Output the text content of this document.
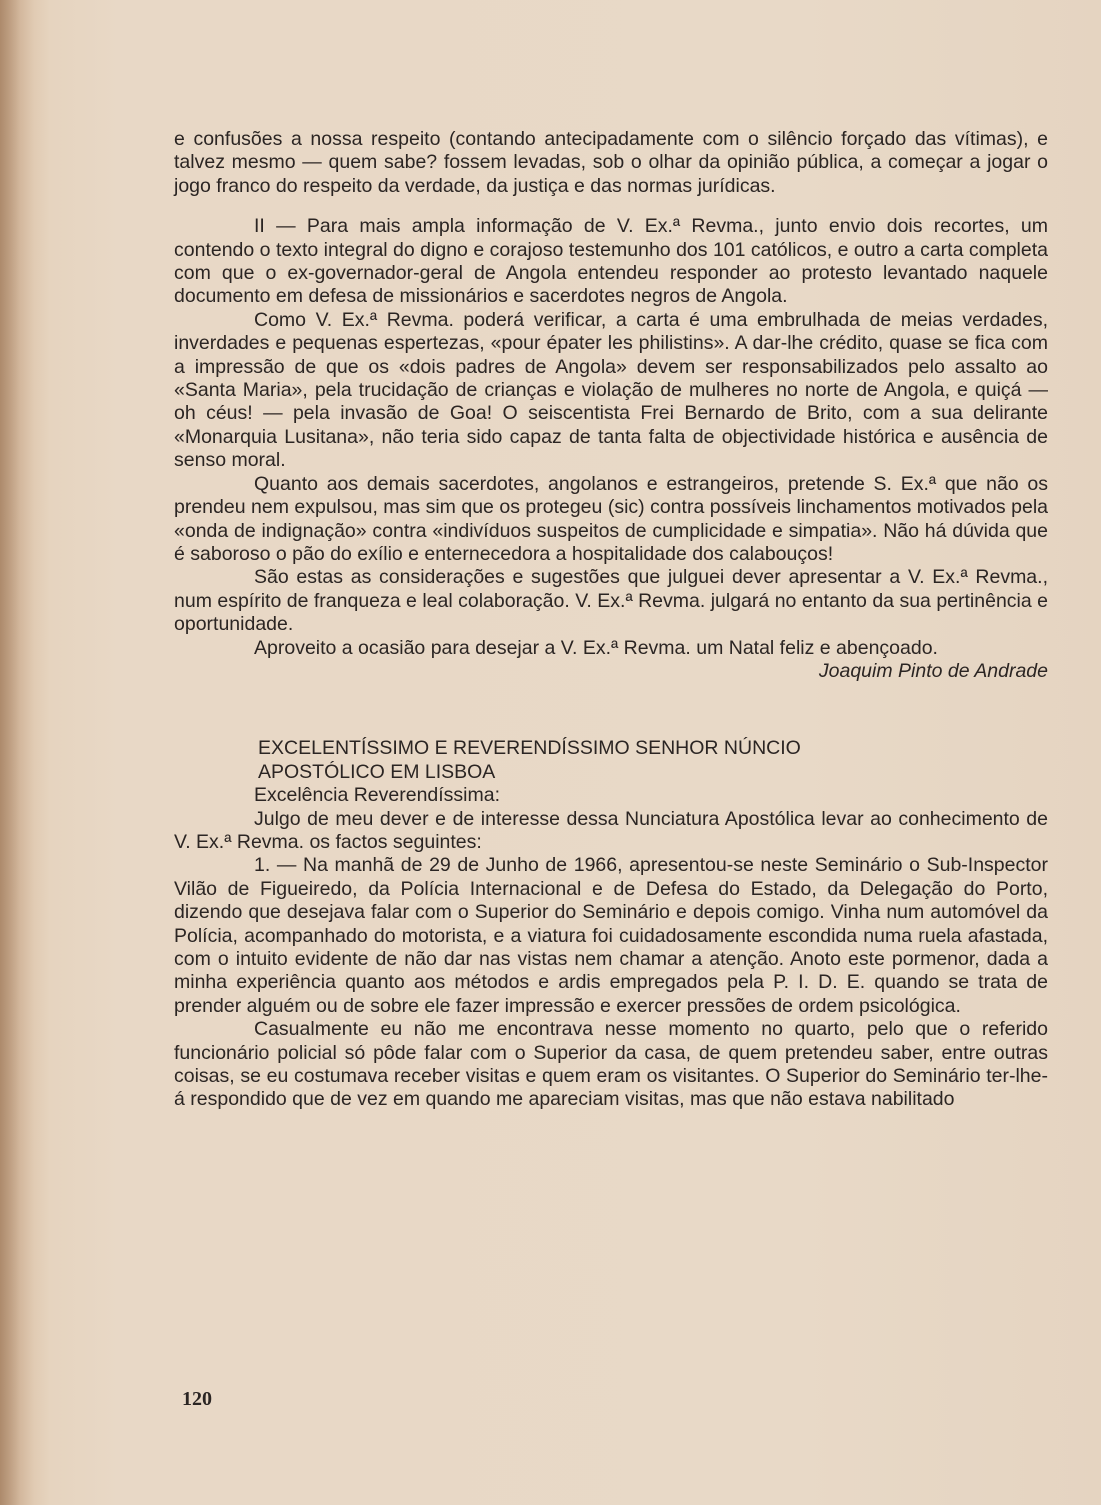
e confusões a nossa respeito (contando antecipadamente com o silêncio forçado das vítimas), e talvez mesmo — quem sabe? fossem levadas, sob o olhar da opinião pública, a começar a jogar o jogo franco do respeito da verdade, da justiça e das normas jurídicas.

II — Para mais ampla informação de V. Ex.ª Revma., junto envio dois recortes, um contendo o texto integral do digno e corajoso testemunho dos 101 católicos, e outro a carta completa com que o ex-governador-geral de Angola entendeu responder ao protesto levantado naquele documento em defesa de missionários e sacerdotes negros de Angola.

Como V. Ex.ª Revma. poderá verificar, a carta é uma embrulhada de meias verdades, inverdades e pequenas espertezas, «pour épater les philistins». A dar-lhe crédito, quase se fica com a impressão de que os «dois padres de Angola» devem ser responsabilizados pelo assalto ao «Santa Maria», pela trucidação de crianças e violação de mulheres no norte de Angola, e quiçá — oh céus! — pela invasão de Goa! O seiscentista Frei Bernardo de Brito, com a sua delirante «Monarquia Lusitana», não teria sido capaz de tanta falta de objectividade histórica e ausência de senso moral.

Quanto aos demais sacerdotes, angolanos e estrangeiros, pretende S. Ex.ª que não os prendeu nem expulsou, mas sim que os protegeu (sic) contra possíveis linchamentos motivados pela «onda de indignação» contra «indivíduos suspeitos de cumplicidade e simpatia». Não há dúvida que é saboroso o pão do exílio e enternecedora a hospitalidade dos calabouços!

São estas as considerações e sugestões que julguei dever apresentar a V. Ex.ª Revma., num espírito de franqueza e leal colaboração. V. Ex.ª Revma. julgará no entanto da sua pertinência e oportunidade.

Aproveito a ocasião para desejar a V. Ex.ª Revma. um Natal feliz e abençoado.

Joaquim Pinto de Andrade

EXCELENTÍSSIMO E REVERENDÍSSIMO SENHOR NÚNCIO
APOSTÓLICO EM LISBOA

Excelência Reverendíssima:

Julgo de meu dever e de interesse dessa Nunciatura Apostólica levar ao conhecimento de V. Ex.ª Revma. os factos seguintes:

1. — Na manhã de 29 de Junho de 1966, apresentou-se neste Seminário o Sub-Inspector Vilão de Figueiredo, da Polícia Internacional e de Defesa do Estado, da Delegação do Porto, dizendo que desejava falar com o Superior do Seminário e depois comigo. Vinha num automóvel da Polícia, acompanhado do motorista, e a viatura foi cuidadosamente escondida numa ruela afastada, com o intuito evidente de não dar nas vistas nem chamar a atenção. Anoto este pormenor, dada a minha experiência quanto aos métodos e ardis empregados pela P. I. D. E. quando se trata de prender alguém ou de sobre ele fazer impressão e exercer pressões de ordem psicológica.

Casualmente eu não me encontrava nesse momento no quarto, pelo que o referido funcionário policial só pôde falar com o Superior da casa, de quem pretendeu saber, entre outras coisas, se eu costumava receber visitas e quem eram os visitantes. O Superior do Seminário ter-lhe-á respondido que de vez em quando me apareciam visitas, mas que não estava nabilitado

120
